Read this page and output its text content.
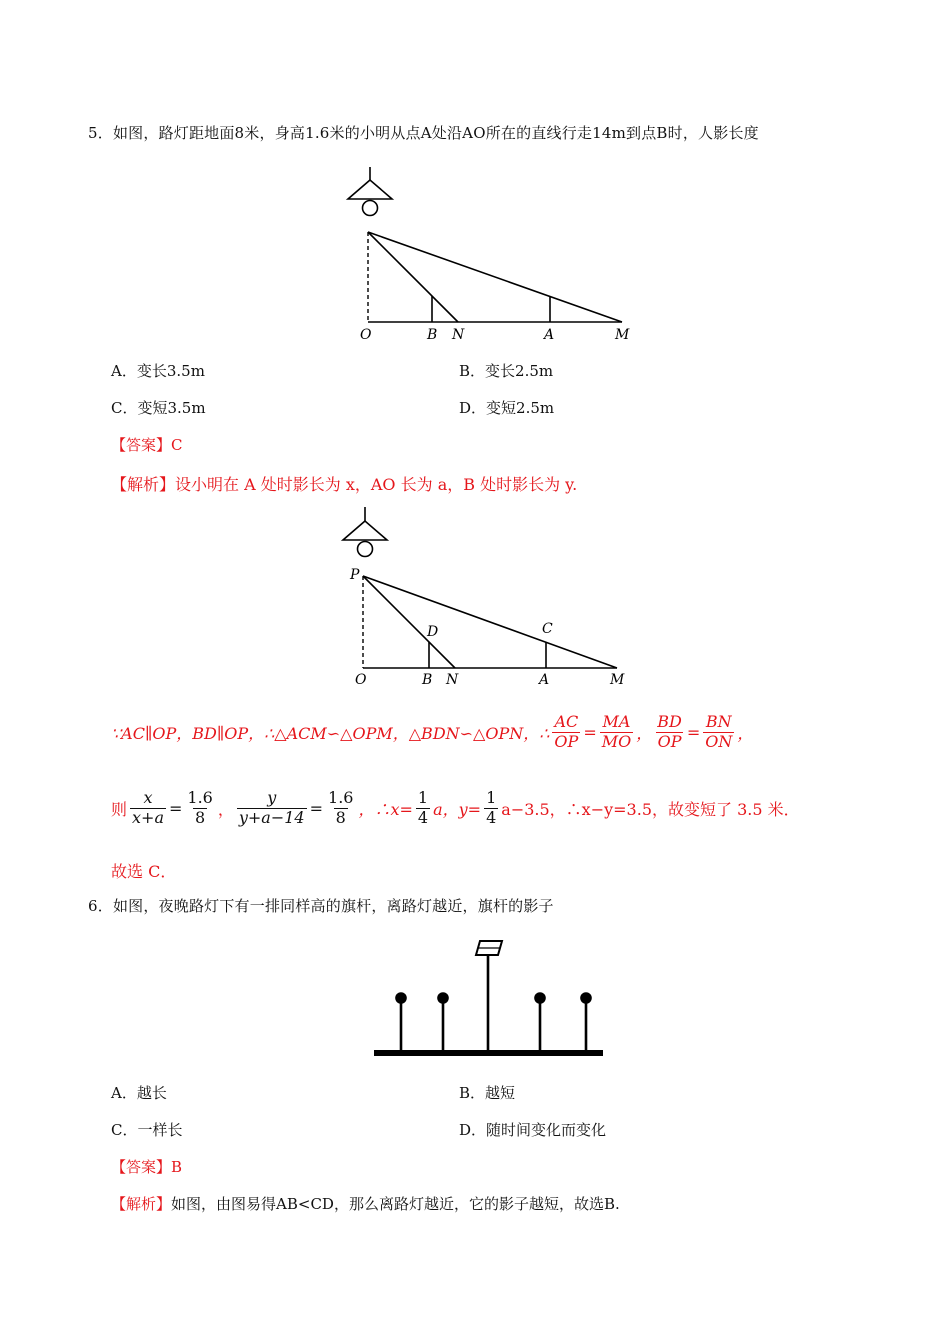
5．如图，路灯距地面8米，身高1.6米的小明从点A处沿AO所在的直线行走14m到点B时，人影长度
O	B N	A	M
A．变长3.5m	B．变长2.5m
C．变短3.5m	D．变短2.5m
【答案】C
【解析】设小明在 A 处时影长为 x，AO 长为 a，B 处时影长为 y.
P
D	C
O	B N	A	M
∵AC∥OP，BD∥OP，∴△ACM∽△OPM，△BDN∽△OPN，∴ $\frac{AC}{OP} = \frac{MA}{MO}$ ， $\frac{BD}{OP} = \frac{BN}{ON}$ ，
则 $\frac{x}{x+a} = \frac{1.6}{8}$ ， $\frac{y}{y+a-14} = \frac{1.6}{8}$ ，∴x= $\frac{1}{4}$ a，$y= \frac{1}{4} a-3.5$，∴x−y=3.5，故变短了 3.5 米．
故选 C．
6．如图，夜晚路灯下有一排同样高的旗杆，离路灯越近，旗杆的影子
A．越长	B．越短
C．一样长	D．随时间变化而变化
【答案】B
【解析】如图，由图易得AB<CD，那么离路灯越近，它的影子越短，故选B.
